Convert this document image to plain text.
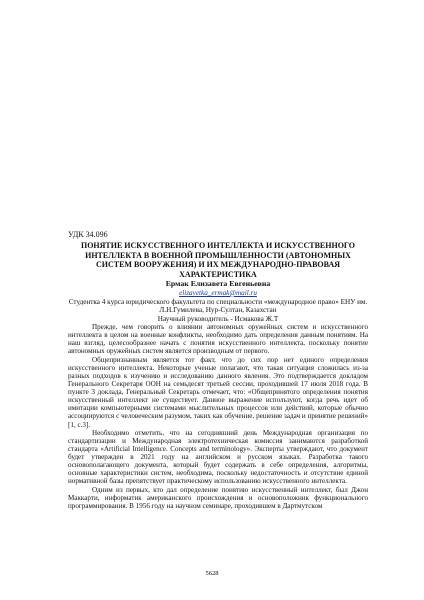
УДК 34.096
ПОНЯТИЕ ИСКУССТВЕННОГО ИНТЕЛЛЕКТА И ИСКУССТВЕННОГО ИНТЕЛЛЕКТА В ВОЕННОЙ ПРОМЫШЛЕННОСТИ (АВТОНОМНЫХ СИСТЕМ ВООРУЖЕНИЯ) И ИХ МЕЖДУНАРОДНО-ПРАВОВАЯ ХАРАКТЕРИСТИКА
Ермак Елизавета Евгеньевна
elizavetka_ermak@mail.ru
Студентка 4 курса юридического факультета по специальности «международное право» ЕНУ им. Л.Н.Гумилева, Нур-Султан, Казахстан
Научный руководитель - Исмакова Ж.Т

Прежде, чем говорить о влиянии автономных оружейных систем и искусственного интеллекта в целом на военные конфликты, необходимо дать определения данным понятиям. На наш взгляд, целесообразнее начать с понятия искусственного интеллекта, поскольку понятие автономных оружейных систем является производным от первого.

Общепризнанным является тот факт, что до сих пор нет единого определения искусственного интеллекта. Некоторые ученые полагают, что такая ситуация сложилась из-за разных подходов к изучению и исследованию данного явления. Это подтверждается докладом Генерального Секретаря ООН на семьдесят третьей сессии, проходившей 17 июля 2018 года. В пункте 3 доклада, Генеральный Секретарь отмечает, что: «Общепринятого определения понятия искусственный интеллект не существует. Данное выражение используют, когда речь идет об имитации компьютерными системами мыслительных процессов или действий, которые обычно ассоциируются с человеческим разумом, таких как обучение, решение задач и принятие решений» [1, c.3].

Необходимо отметить, что на сегодняшний день Международная организация по стандартизации и Международная электротехническая комиссия занимаются разработкой стандарта «Artificial Intelligence. Concepts and terminology». Эксперты утверждают, что документ будет утвержден в 2021 году на английском и русском языках. Разработка такого основополагающего документа, который будет содержать в себе определения, алгоритмы, основные характеристики систем, необходима, поскольку недостаточность и отсутствие единой нормативной базы препятствует практическому использованию искусственного интеллекта.

Одним из первых, кто дал определение понятию искусственный интеллект, был Джон Маккарти, информатик американского происхождения и основоположник функционального программирования. В 1956 году на научном семинаре, проходившем в Дартмутском

5628
